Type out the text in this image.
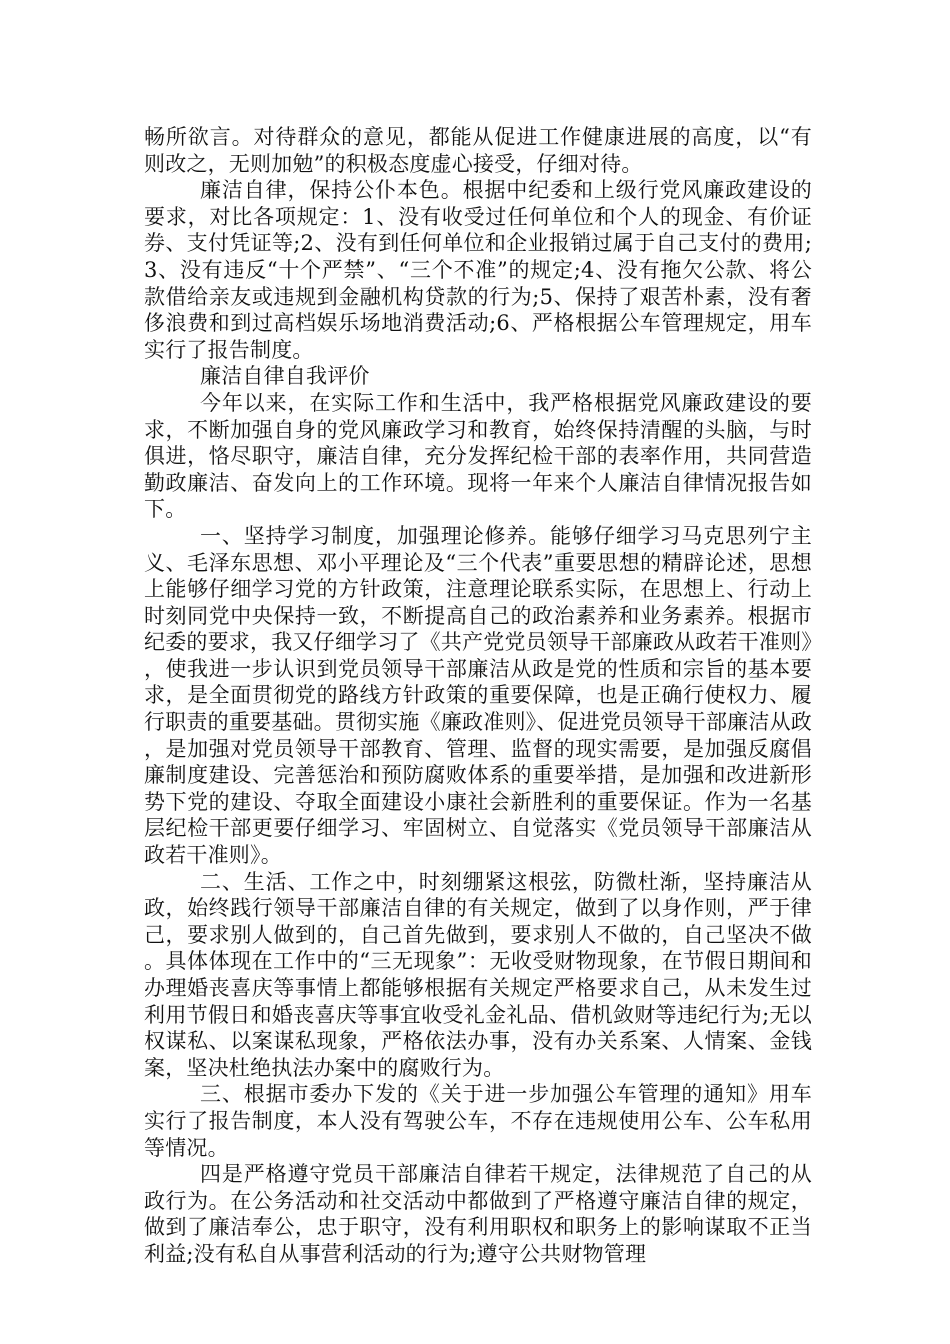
畅所欲言。对待群众的意见，都能从促进工作健康进展的高度，以“有则改之，无则加勉”的积极态度虚心接受，仔细对待。

廉洁自律，保持公仆本色。根据中纪委和上级行党风廉政建设的要求，对比各项规定：1、没有收受过任何单位和个人的现金、有价证券、支付凭证等;2、没有到任何单位和企业报销过属于自己支付的费用;3、没有违反“十个严禁”、“三个不准”的规定;4、没有拖欠公款、将公款借给亲友或违规到金融机构贷款的行为;5、保持了艰苦朴素，没有奢侈浪费和到过高档娱乐场地消费活动;6、严格根据公车管理规定，用车实行了报告制度。

廉洁自律自我评价

今年以来，在实际工作和生活中，我严格根据党风廉政建设的要求，不断加强自身的党风廉政学习和教育，始终保持清醒的头脑，与时俱进，恪尽职守，廉洁自律，充分发挥纪检干部的表率作用，共同营造勤政廉洁、奋发向上的工作环境。现将一年来个人廉洁自律情况报告如下。

一、坚持学习制度，加强理论修养。能够仔细学习马克思列宁主义、毛泽东思想、邓小平理论及“三个代表”重要思想的精辟论述，思想上能够仔细学习党的方针政策，注意理论联系实际，在思想上、行动上时刻同党中央保持一致，不断提高自己的政治素养和业务素养。根据市纪委的要求，我又仔细学习了《共产党党员领导干部廉政从政若干准则》，使我进一步认识到党员领导干部廉洁从政是党的性质和宗旨的基本要求，是全面贯彻党的路线方针政策的重要保障，也是正确行使权力、履行职责的重要基础。贯彻实施《廉政准则》、促进党员领导干部廉洁从政，是加强对党员领导干部教育、管理、监督的现实需要，是加强反腐倡廉制度建设、完善惩治和预防腐败体系的重要举措，是加强和改进新形势下党的建设、夺取全面建设小康社会新胜利的重要保证。作为一名基层纪检干部更要仔细学习、牢固树立、自觉落实《党员领导干部廉洁从政若干准则》。

二、生活、工作之中，时刻绷紧这根弦，防微杜渐，坚持廉洁从政，始终践行领导干部廉洁自律的有关规定，做到了以身作则，严于律己，要求别人做到的，自己首先做到，要求别人不做的，自己坚决不做。具体体现在工作中的“三无现象”：无收受财物现象，在节假日期间和办理婚丧喜庆等事情上都能够根据有关规定严格要求自己，从未发生过利用节假日和婚丧喜庆等事宜收受礼金礼品、借机敛财等违纪行为;无以权谋私、以案谋私现象，严格依法办事，没有办关系案、人情案、金钱案，坚决杜绝执法办案中的腐败行为。

三、根据市委办下发的《关于进一步加强公车管理的通知》用车实行了报告制度，本人没有驾驶公车，不存在违规使用公车、公车私用等情况。

四是严格遵守党员干部廉洁自律若干规定，法律规范了自己的从政行为。在公务活动和社交活动中都做到了严格遵守廉洁自律的规定，做到了廉洁奉公，忠于职守，没有利用职权和职务上的影响谋取不正当利益;没有私自从事营利活动的行为;遵守公共财物管理
